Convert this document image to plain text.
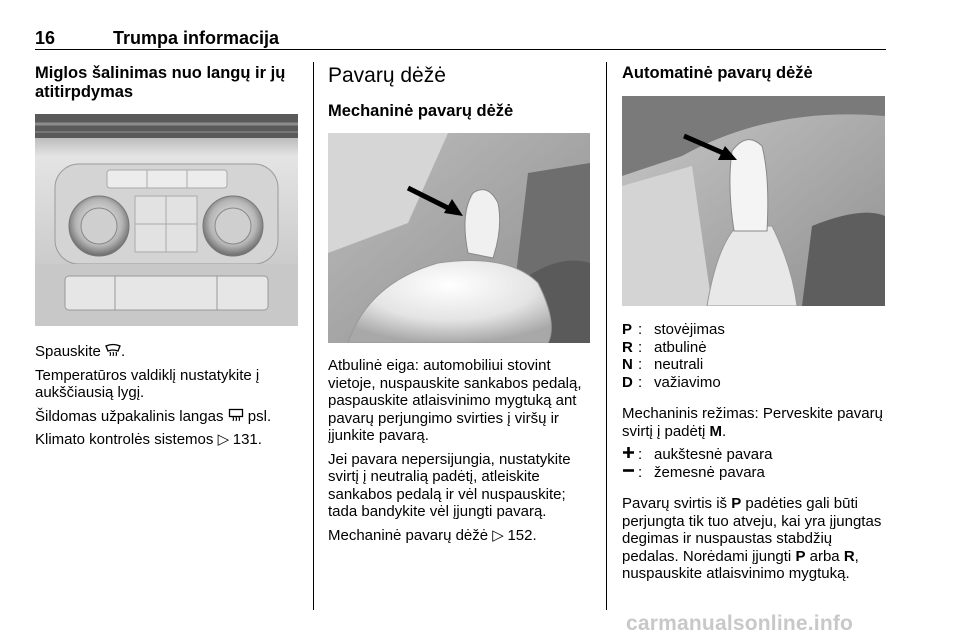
16	Trumpa informacija
Miglos šalinimas nuo langų ir jų atitirpdymas

Spauskite .

Temperatūros valdiklį nustatykite į aukščiausią lygį.

Šildomas užpakalinis langas psl.

Klimato kontrolės sistemos ▷ 131.

Pavarų dėžė
Mechaninė pavarų dėžė

Atbulinė eiga: automobiliui stovint vietoje, nuspauskite sankabos pedalą, paspauskite atlaisvinimo mygtuką ant pavarų perjungimo svirties į viršų ir įjunkite pavarą.

Jei pavara nepersijungia, nustatykite svirtį į neutralią padėtį, atleiskite sankabos pedalą ir vėl nuspauskite; tada bandykite vėl įjungti pavarą.

Mechaninė pavarų dėžė ▷ 152.

Automatinė pavarų dėžė
P : stovėjimas
R : atbulinė
N : neutrali
D : važiavimo

Mechaninis režimas: Perveskite pavarų svirtį į padėtį M.

: aukštesnė pavara
: žemesnė pavara

Pavarų svirtis iš P padėties gali būti perjungta tik tuo atveju, kai yra įjungtas degimas ir nuspaustas stabdžių pedalas. Norėdami įjungti P arba R, nuspauskite atlaisvinimo mygtuką.

carmanualsonline.info
